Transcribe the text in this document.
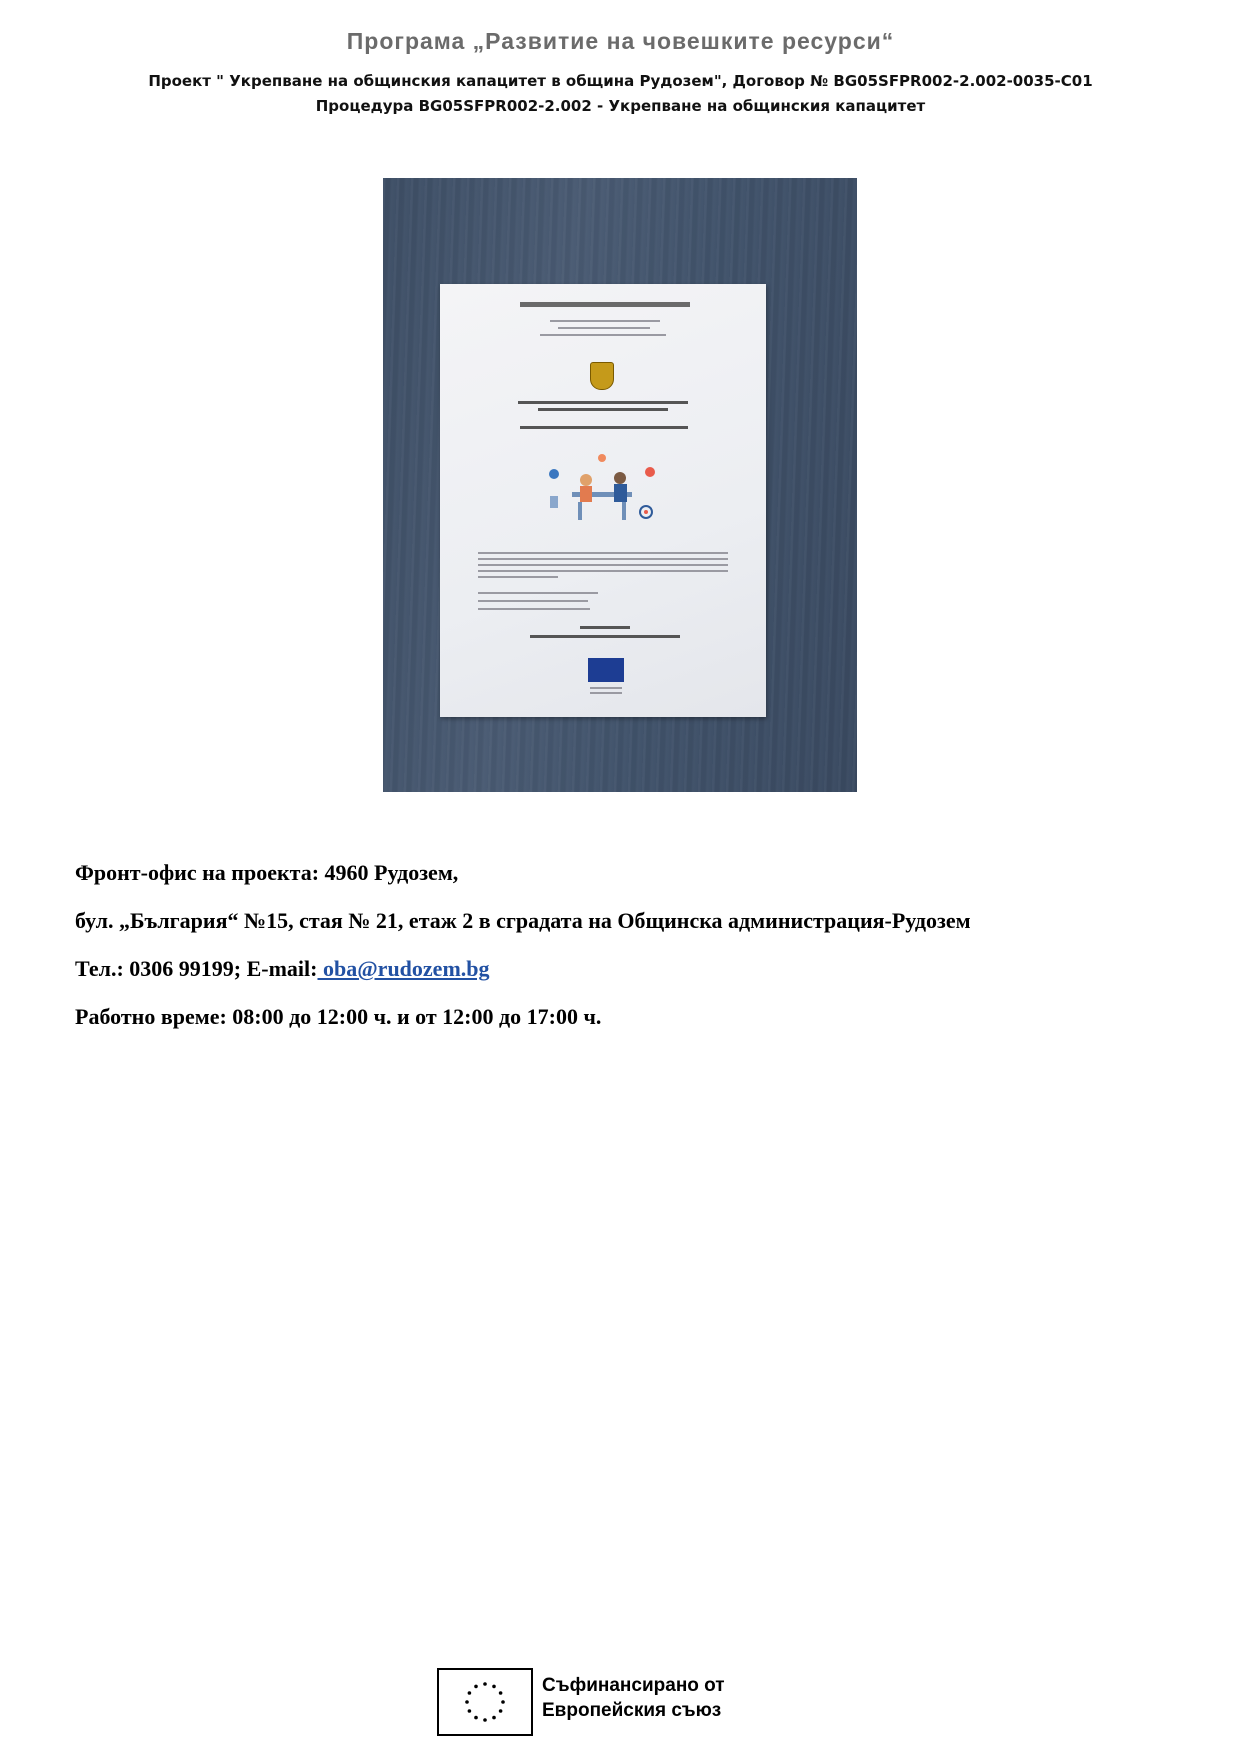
Програма „Развитие на човешките ресурси“
Проект " Укрепване на общинския капацитет в община Рудозем", Договор № BG05SFPR002-2.002-0035-C01
Процедура BG05SFPR002-2.002 - Укрепване на общинския капацитет
Фронт-офис на проекта: 4960 Рудозем,
бул. „България“ №15, стая № 21, етаж 2 в сградата на Общинска администрация-Рудозем
Тел.: 0306 99199; E-mail: oba@rudozem.bg
Работно време: 08:00 до 12:00 ч. и от 12:00 до 17:00 ч.
Съфинансирано от
Европейския съюз
